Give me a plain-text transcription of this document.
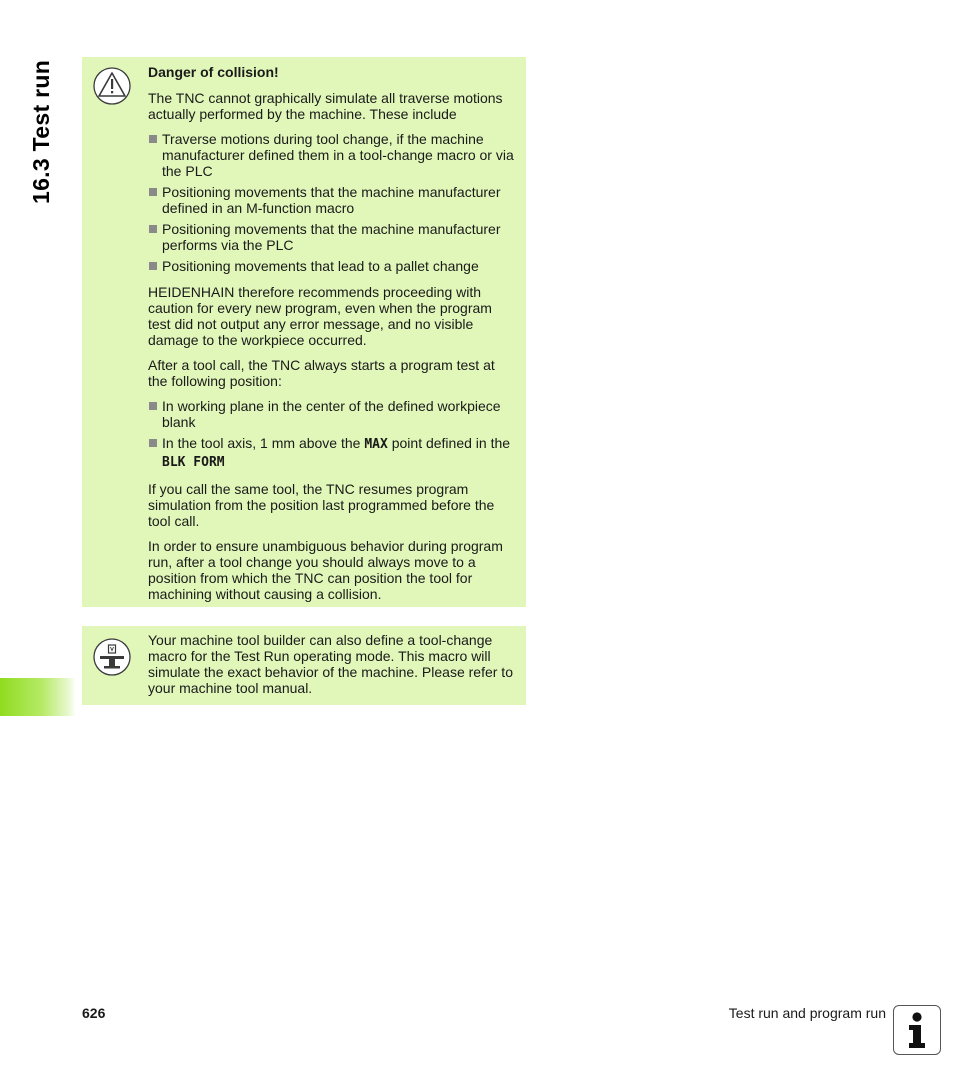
16.3 Test run	Danger of collision!

The TNC cannot graphically simulate all traverse motions actually performed by the machine. These include

Traverse motions during tool change, if the machine manufacturer defined them in a tool-change macro or via the PLC
Positioning movements that the machine manufacturer defined in an M-function macro
Positioning movements that the machine manufacturer performs via the PLC
Positioning movements that lead to a pallet change

HEIDENHAIN therefore recommends proceeding with caution for every new program, even when the program test did not output any error message, and no visible damage to the workpiece occurred.

After a tool call, the TNC always starts a program test at the following position:

In working plane in the center of the defined workpiece blank
In the tool axis, 1 mm above the MAX point defined in the BLK FORM

If you call the same tool, the TNC resumes program simulation from the position last programmed before the tool call.

In order to ensure unambiguous behavior during program run, after a tool change you should always move to a position from which the TNC can position the tool for machining without causing a collision.

Your machine tool builder can also define a tool-change macro for the Test Run operating mode. This macro will simulate the exact behavior of the machine. Please refer to your machine tool manual.
626	Test run and program run
